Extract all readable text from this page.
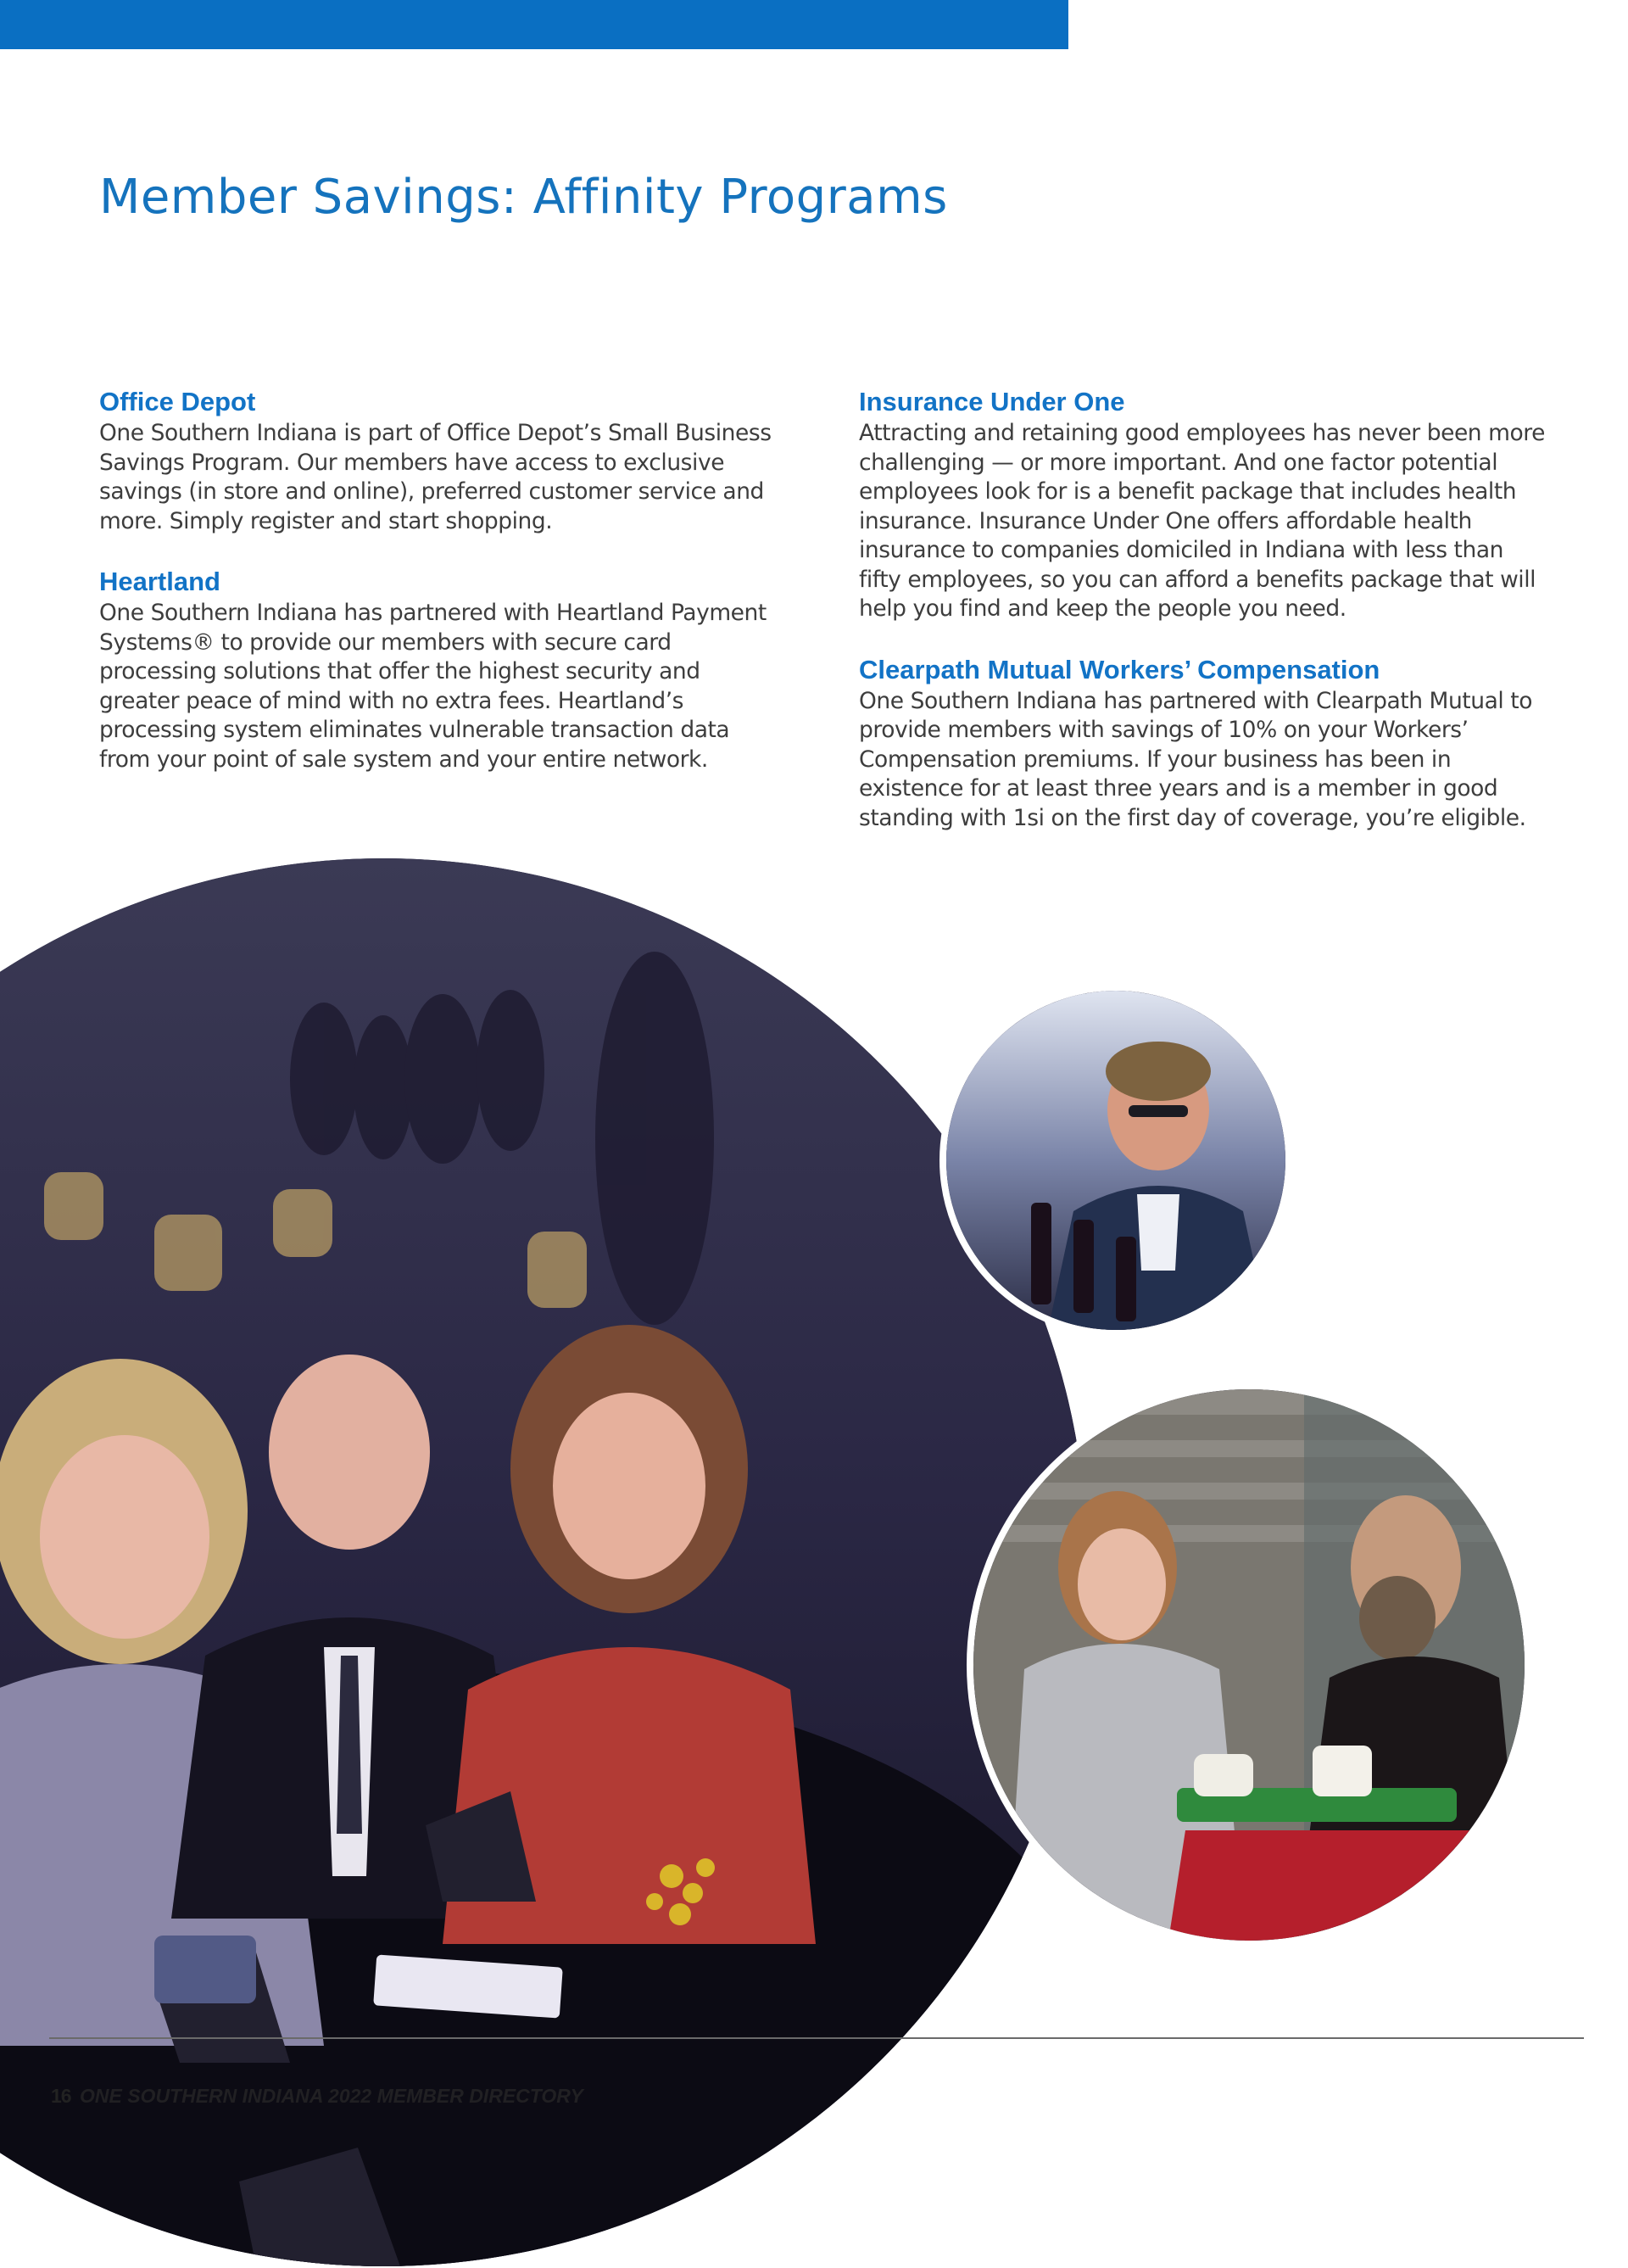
Member Savings: Affinity Programs
Office Depot

One Southern Indiana is part of Office Depot’s Small Business Savings Program. Our members have access to exclusive savings (in store and online), preferred customer service and more. Simply register and start shopping.

Heartland

One Southern Indiana has partnered with Heartland Payment Systems® to provide our members with secure card processing solutions that offer the highest security and greater peace of mind with no extra fees. Heartland’s processing system eliminates vulnerable transaction data from your point of sale system and your entire network.

Insurance Under One

Attracting and retaining good employees has never been more challenging — or more important. And one factor potential employees look for is a benefit package that includes health insurance. Insurance Under One offers affordable health insurance to companies domiciled in Indiana with less than fifty employees, so you can afford a benefits package that will help you find and keep the people you need.

Clearpath Mutual Workers’ Compensation

One Southern Indiana has partnered with Clearpath Mutual to provide members with savings of 10% on your Workers’ Compensation premiums. If your business has been in existence for at least three years and is a member in good standing with 1si on the first day of coverage, you’re eligible.

16 ONE SOUTHERN INDIANA 2022 MEMBER DIRECTORY
